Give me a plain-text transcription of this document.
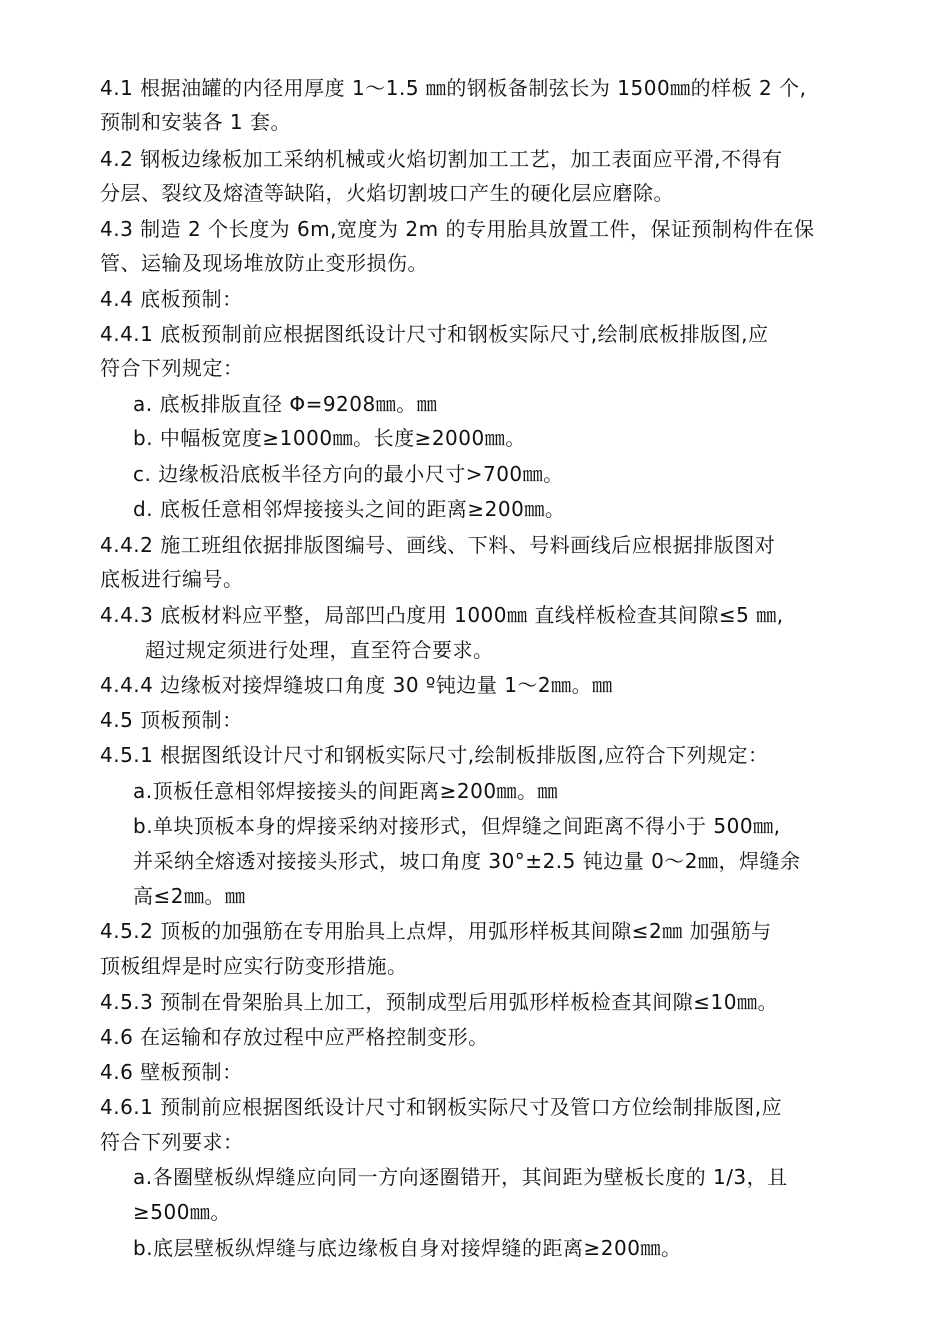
4.1 根据油罐的内径用厚度 1～1.5 ㎜的钢板备制弦长为 1500㎜的样板 2 个,
预制和安装各 1 套。
4.2 钢板边缘板加工采纳机械或火焰切割加工工艺，加工表面应平滑,不得有
分层、裂纹及熔渣等缺陷，火焰切割坡口产生的硬化层应磨除。
4.3 制造 2 个长度为 6m,宽度为 2m 的专用胎具放置工件，保证预制构件在保
管、运输及现场堆放防止变形损伤。
4.4 底板预制：
4.4.1 底板预制前应根据图纸设计尺寸和钢板实际尺寸,绘制底板排版图,应
符合下列规定：
a. 底板排版直径 Φ=9208㎜。㎜
b. 中幅板宽度≥1000㎜。长度≥2000㎜。
c. 边缘板沿底板半径方向的最小尺寸>700㎜。
d. 底板任意相邻焊接接头之间的距离≥200㎜。
4.4.2 施工班组依据排版图编号、画线、下料、号料画线后应根据排版图对
底板进行编号。
4.4.3 底板材料应平整，局部凹凸度用 1000㎜ 直线样板检查其间隙≤5 ㎜,
超过规定须进行处理，直至符合要求。
4.4.4 边缘板对接焊缝坡口角度 30 º钝边量 1～2㎜。㎜
4.5 顶板预制：
4.5.1 根据图纸设计尺寸和钢板实际尺寸,绘制板排版图,应符合下列规定：
a.顶板任意相邻焊接接头的间距离≥200㎜。㎜
b.单块顶板本身的焊接采纳对接形式，但焊缝之间距离不得小于 500㎜,
并采纳全熔透对接接头形式，坡口角度 30°±2.5 钝边量 0～2㎜，焊缝余
高≤2㎜。㎜
4.5.2 顶板的加强筋在专用胎具上点焊，用弧形样板其间隙≤2㎜ 加强筋与
顶板组焊是时应实行防变形措施。
4.5.3 预制在骨架胎具上加工，预制成型后用弧形样板检查其间隙≤10㎜。
4.6 在运输和存放过程中应严格控制变形。
4.6 壁板预制：
4.6.1 预制前应根据图纸设计尺寸和钢板实际尺寸及管口方位绘制排版图,应
符合下列要求：
a.各圈壁板纵焊缝应向同一方向逐圈错开，其间距为壁板长度的 1/3，且
≥500㎜。
b.底层壁板纵焊缝与底边缘板自身对接焊缝的距离≥200㎜。
